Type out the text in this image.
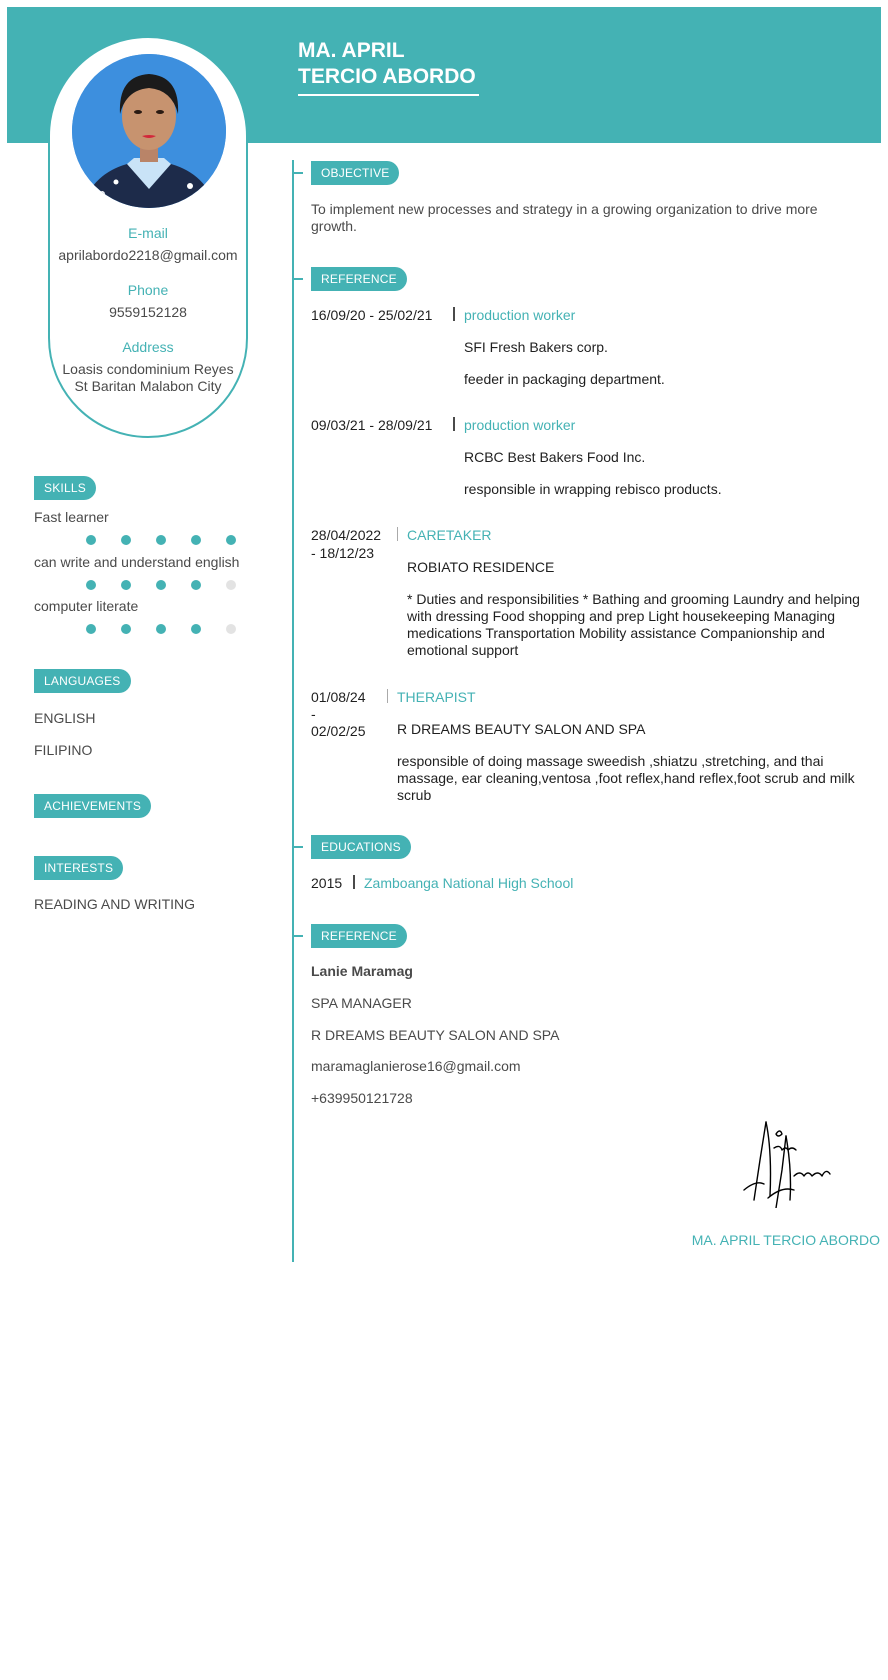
MA. APRIL
TERCIO ABORDO
E-mail
aprilabordo2218@gmail.com
Phone
9559152128
Address
Loasis condominium Reyes
St Baritan Malabon City
SKILLS
Fast learner
can write and understand english
computer literate
LANGUAGES
ENGLISH
FILIPINO
ACHIEVEMENTS
INTERESTS
READING AND WRITING
OBJECTIVE
To implement new processes and strategy in a growing organization to drive more
growth.
REFERENCE
16/09/20 - 25/02/21 production worker
SFI Fresh Bakers corp.
feeder in packaging department.
09/03/21 - 28/09/21 production worker
RCBC Best Bakers Food Inc.
responsible in wrapping rebisco products.
28/04/2022
- 18/12/23
CARETAKER
ROBIATO RESIDENCE
* Duties and responsibilities * Bathing and grooming Laundry and helping
with dressing Food shopping and prep Light housekeeping Managing
medications Transportation Mobility assistance Companionship and
emotional support
01/08/24
-
02/02/25
THERAPIST
R DREAMS BEAUTY SALON AND SPA
responsible of doing massage sweedish ,shiatzu ,stretching, and thai
massage, ear cleaning,ventosa ,foot reflex,hand reflex,foot scrub and milk
scrub
EDUCATIONS
2015 Zamboanga National High School
REFERENCE
Lanie Maramag
SPA MANAGER
R DREAMS BEAUTY SALON AND SPA
maramaglanierose16@gmail.com
+639950121728
MA. APRIL TERCIO ABORDO
